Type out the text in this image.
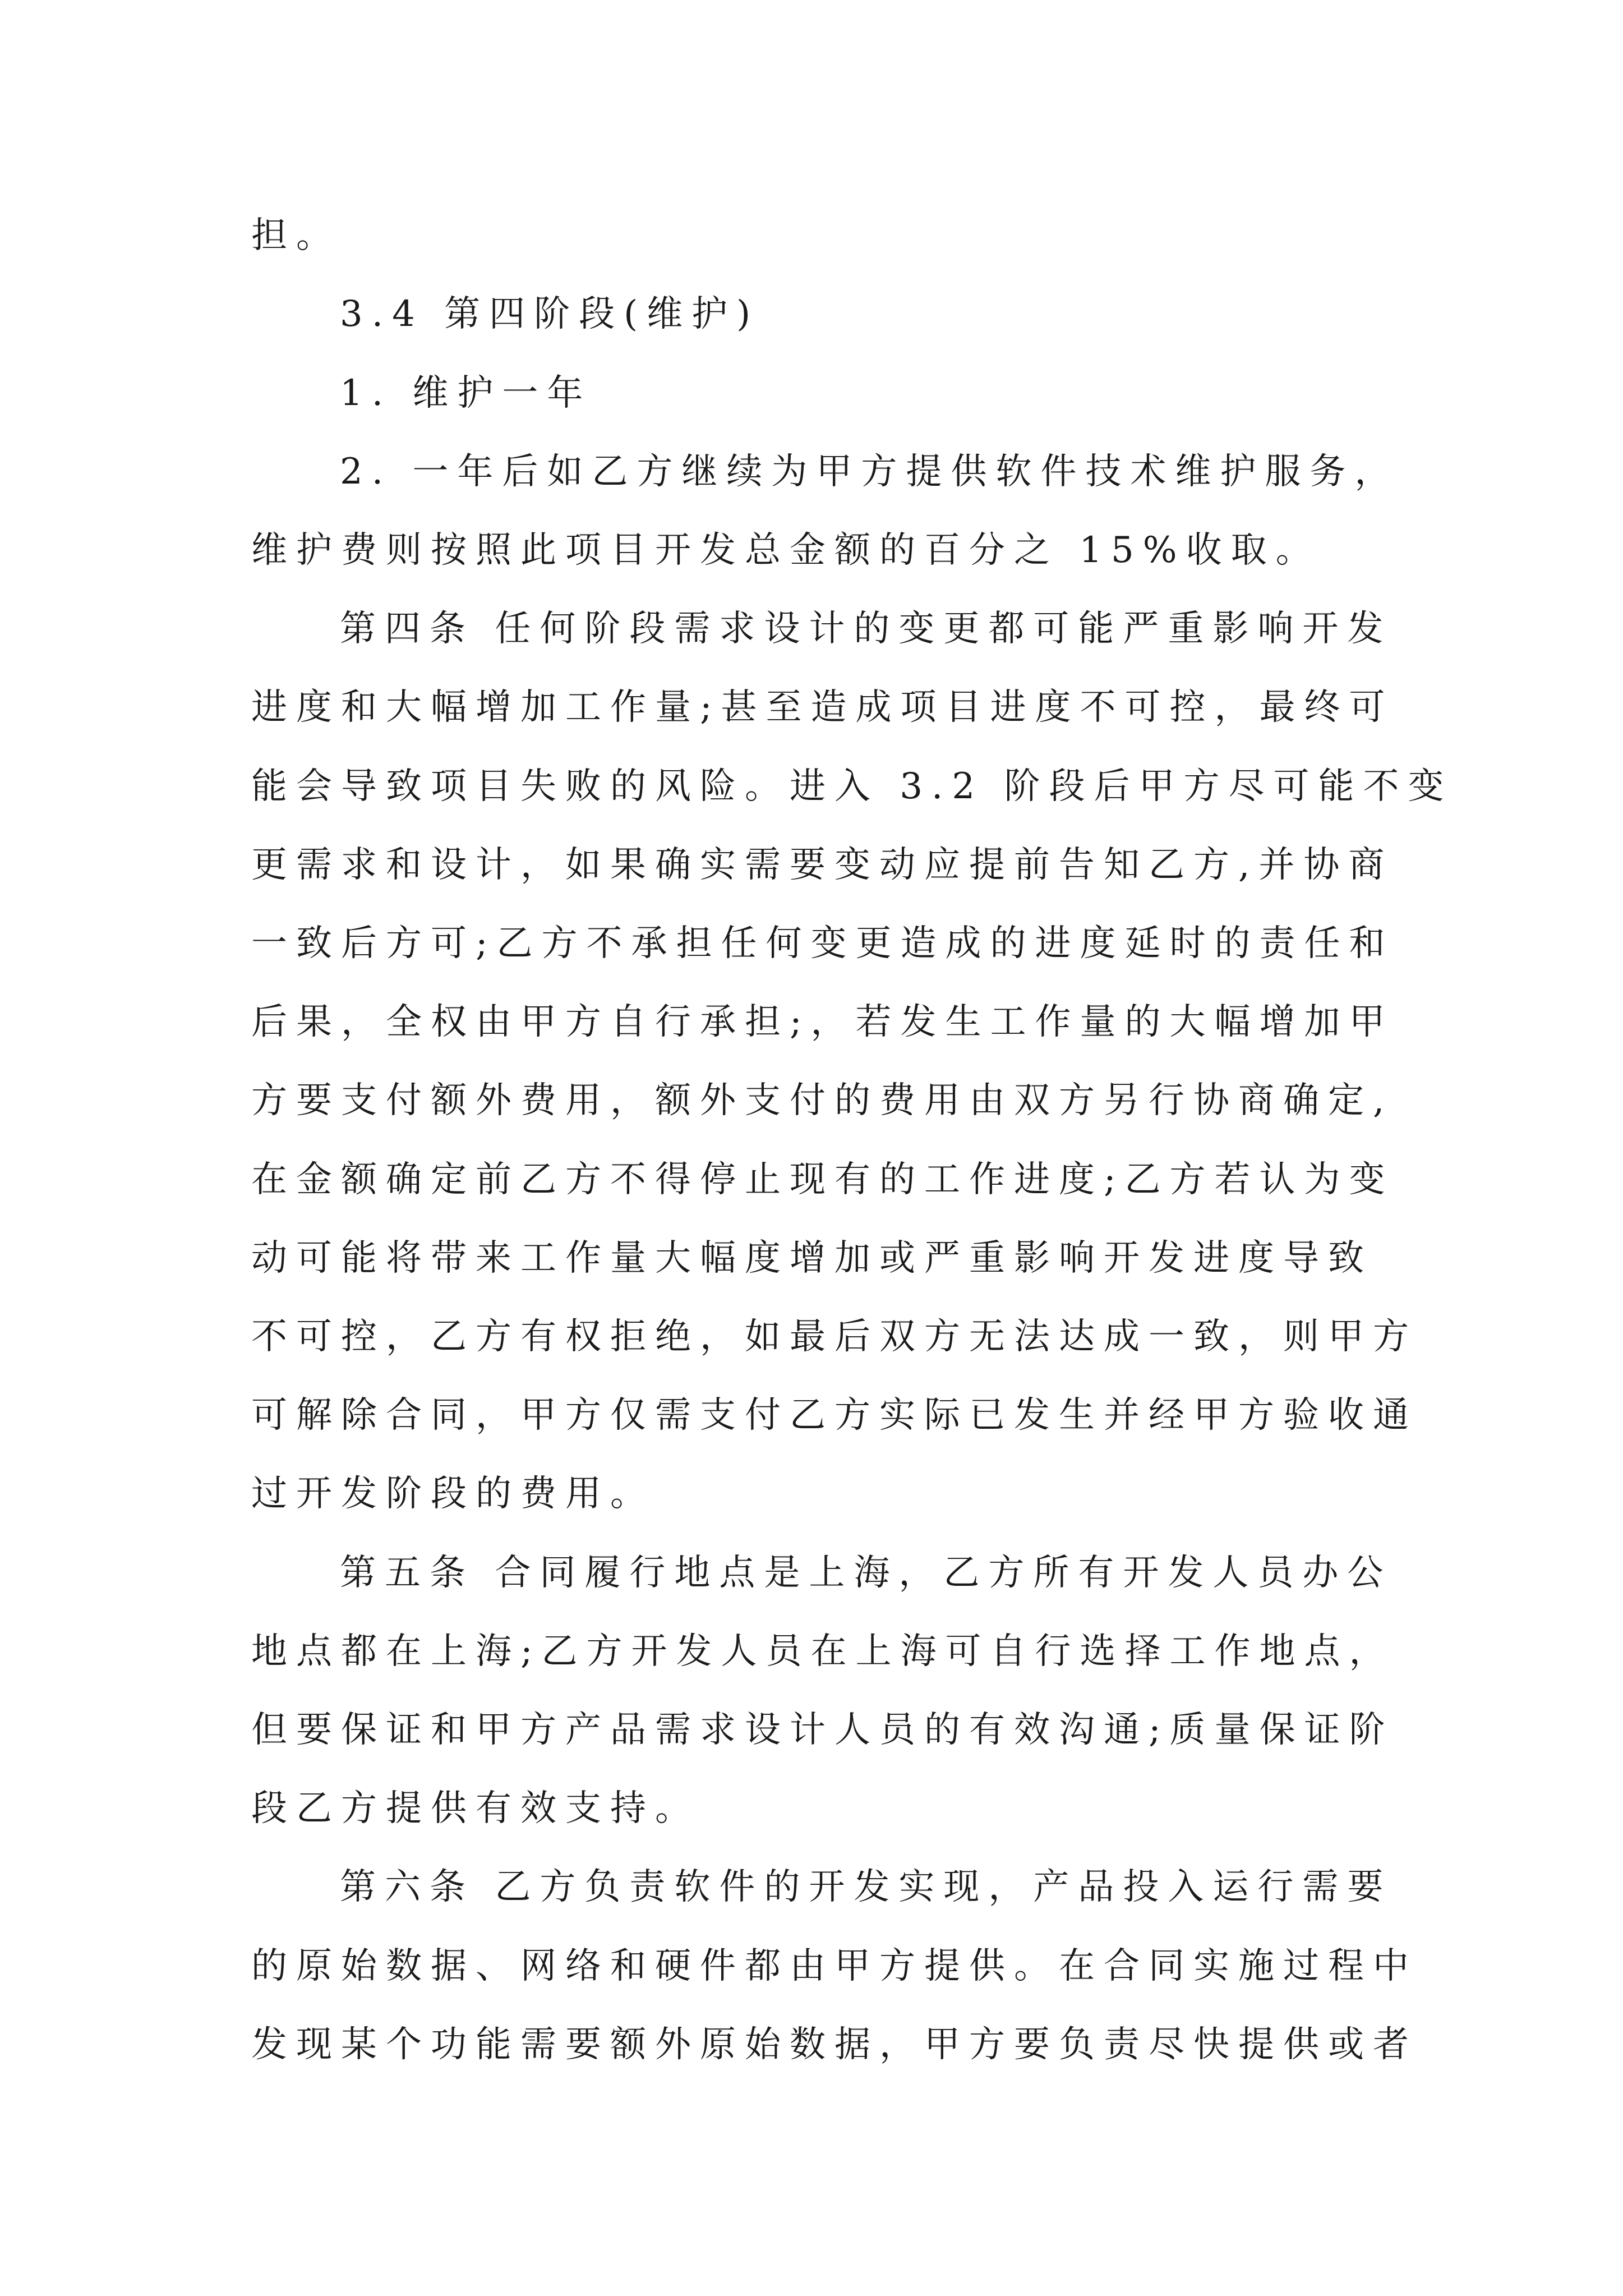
担。

3.4 第四阶段(维护)

1. 维护一年

2. 一年后如乙方继续为甲方提供软件技术维护服务，

维护费则按照此项目开发总金额的百分之 15%收取。

第四条 任何阶段需求设计的变更都可能严重影响开发

进度和大幅增加工作量;甚至造成项目进度不可控，最终可

能会导致项目失败的风险。进入 3.2 阶段后甲方尽可能不变

更需求和设计，如果确实需要变动应提前告知乙方,并协商

一致后方可;乙方不承担任何变更造成的进度延时的责任和

后果，全权由甲方自行承担;，若发生工作量的大幅增加甲

方要支付额外费用，额外支付的费用由双方另行协商确定,

在金额确定前乙方不得停止现有的工作进度;乙方若认为变

动可能将带来工作量大幅度增加或严重影响开发进度导致

不可控，乙方有权拒绝，如最后双方无法达成一致，则甲方

可解除合同，甲方仅需支付乙方实际已发生并经甲方验收通

过开发阶段的费用。

第五条 合同履行地点是上海，乙方所有开发人员办公

地点都在上海;乙方开发人员在上海可自行选择工作地点，

但要保证和甲方产品需求设计人员的有效沟通;质量保证阶

段乙方提供有效支持。

第六条 乙方负责软件的开发实现，产品投入运行需要

的原始数据、网络和硬件都由甲方提供。在合同实施过程中

发现某个功能需要额外原始数据，甲方要负责尽快提供或者
